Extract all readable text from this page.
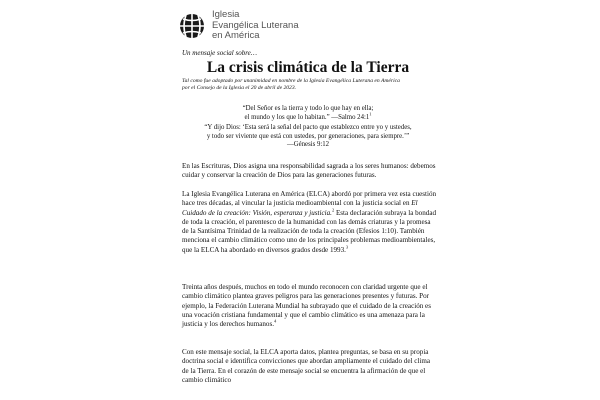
Iglesia
Evangélica Luterana
en América
Un mensaje social sobre…
La crisis climática de la Tierra
Tal como fue adoptado por unanimidad en nombre de la Iglesia Evangélica Luterana en América
por el Consejo de la Iglesia el 20 de abril de 2023.
“Del Señor es la tierra y todo lo que hay en ella;
el mundo y los que lo habitan.” —Salmo $24:1^1$
“Y dijo Dios: ‘Esta será la señal del pacto que establezco entre yo y ustedes,
y todo ser viviente que está con ustedes, por generaciones, para siempre.’”
—Génesis 9:12

En las Escrituras, Dios asigna una responsabilidad sagrada a los seres humanos: debemos cuidar y conservar la creación de Dios para las generaciones futuras.

La Iglesia Evangélica Luterana en América (ELCA) abordó por primera vez esta cuestión hace tres décadas, al vincular la justicia medioambiental con la justicia social en El Cuidado de la creación: Visión, esperanza y justicia.$^2$ Esta declaración subraya la bondad de toda la creación, el parentesco de la humanidad con las demás criaturas y la promesa de la Santísima Trinidad de la realización de toda la creación (Efesios 1:10). También menciona el cambio climático como uno de los principales problemas medioambientales, que la ELCA ha abordado en diversos grados desde 1993.$^3$

Treinta años después, muchos en todo el mundo reconocen con claridad urgente que el cambio climático plantea graves peligros para las generaciones presentes y futuras. Por ejemplo, la Federación Luterana Mundial ha subrayado que el cuidado de la creación es una vocación cristiana fundamental y que el cambio climático es una amenaza para la justicia y los derechos humanos.$^4$

Con este mensaje social, la ELCA aporta datos, plantea preguntas, se basa en su propia doctrina social e identifica convicciones que abordan ampliamente el cuidado del clima de la Tierra. En el corazón de este mensaje social se encuentra la afirmación de que el cambio climático
